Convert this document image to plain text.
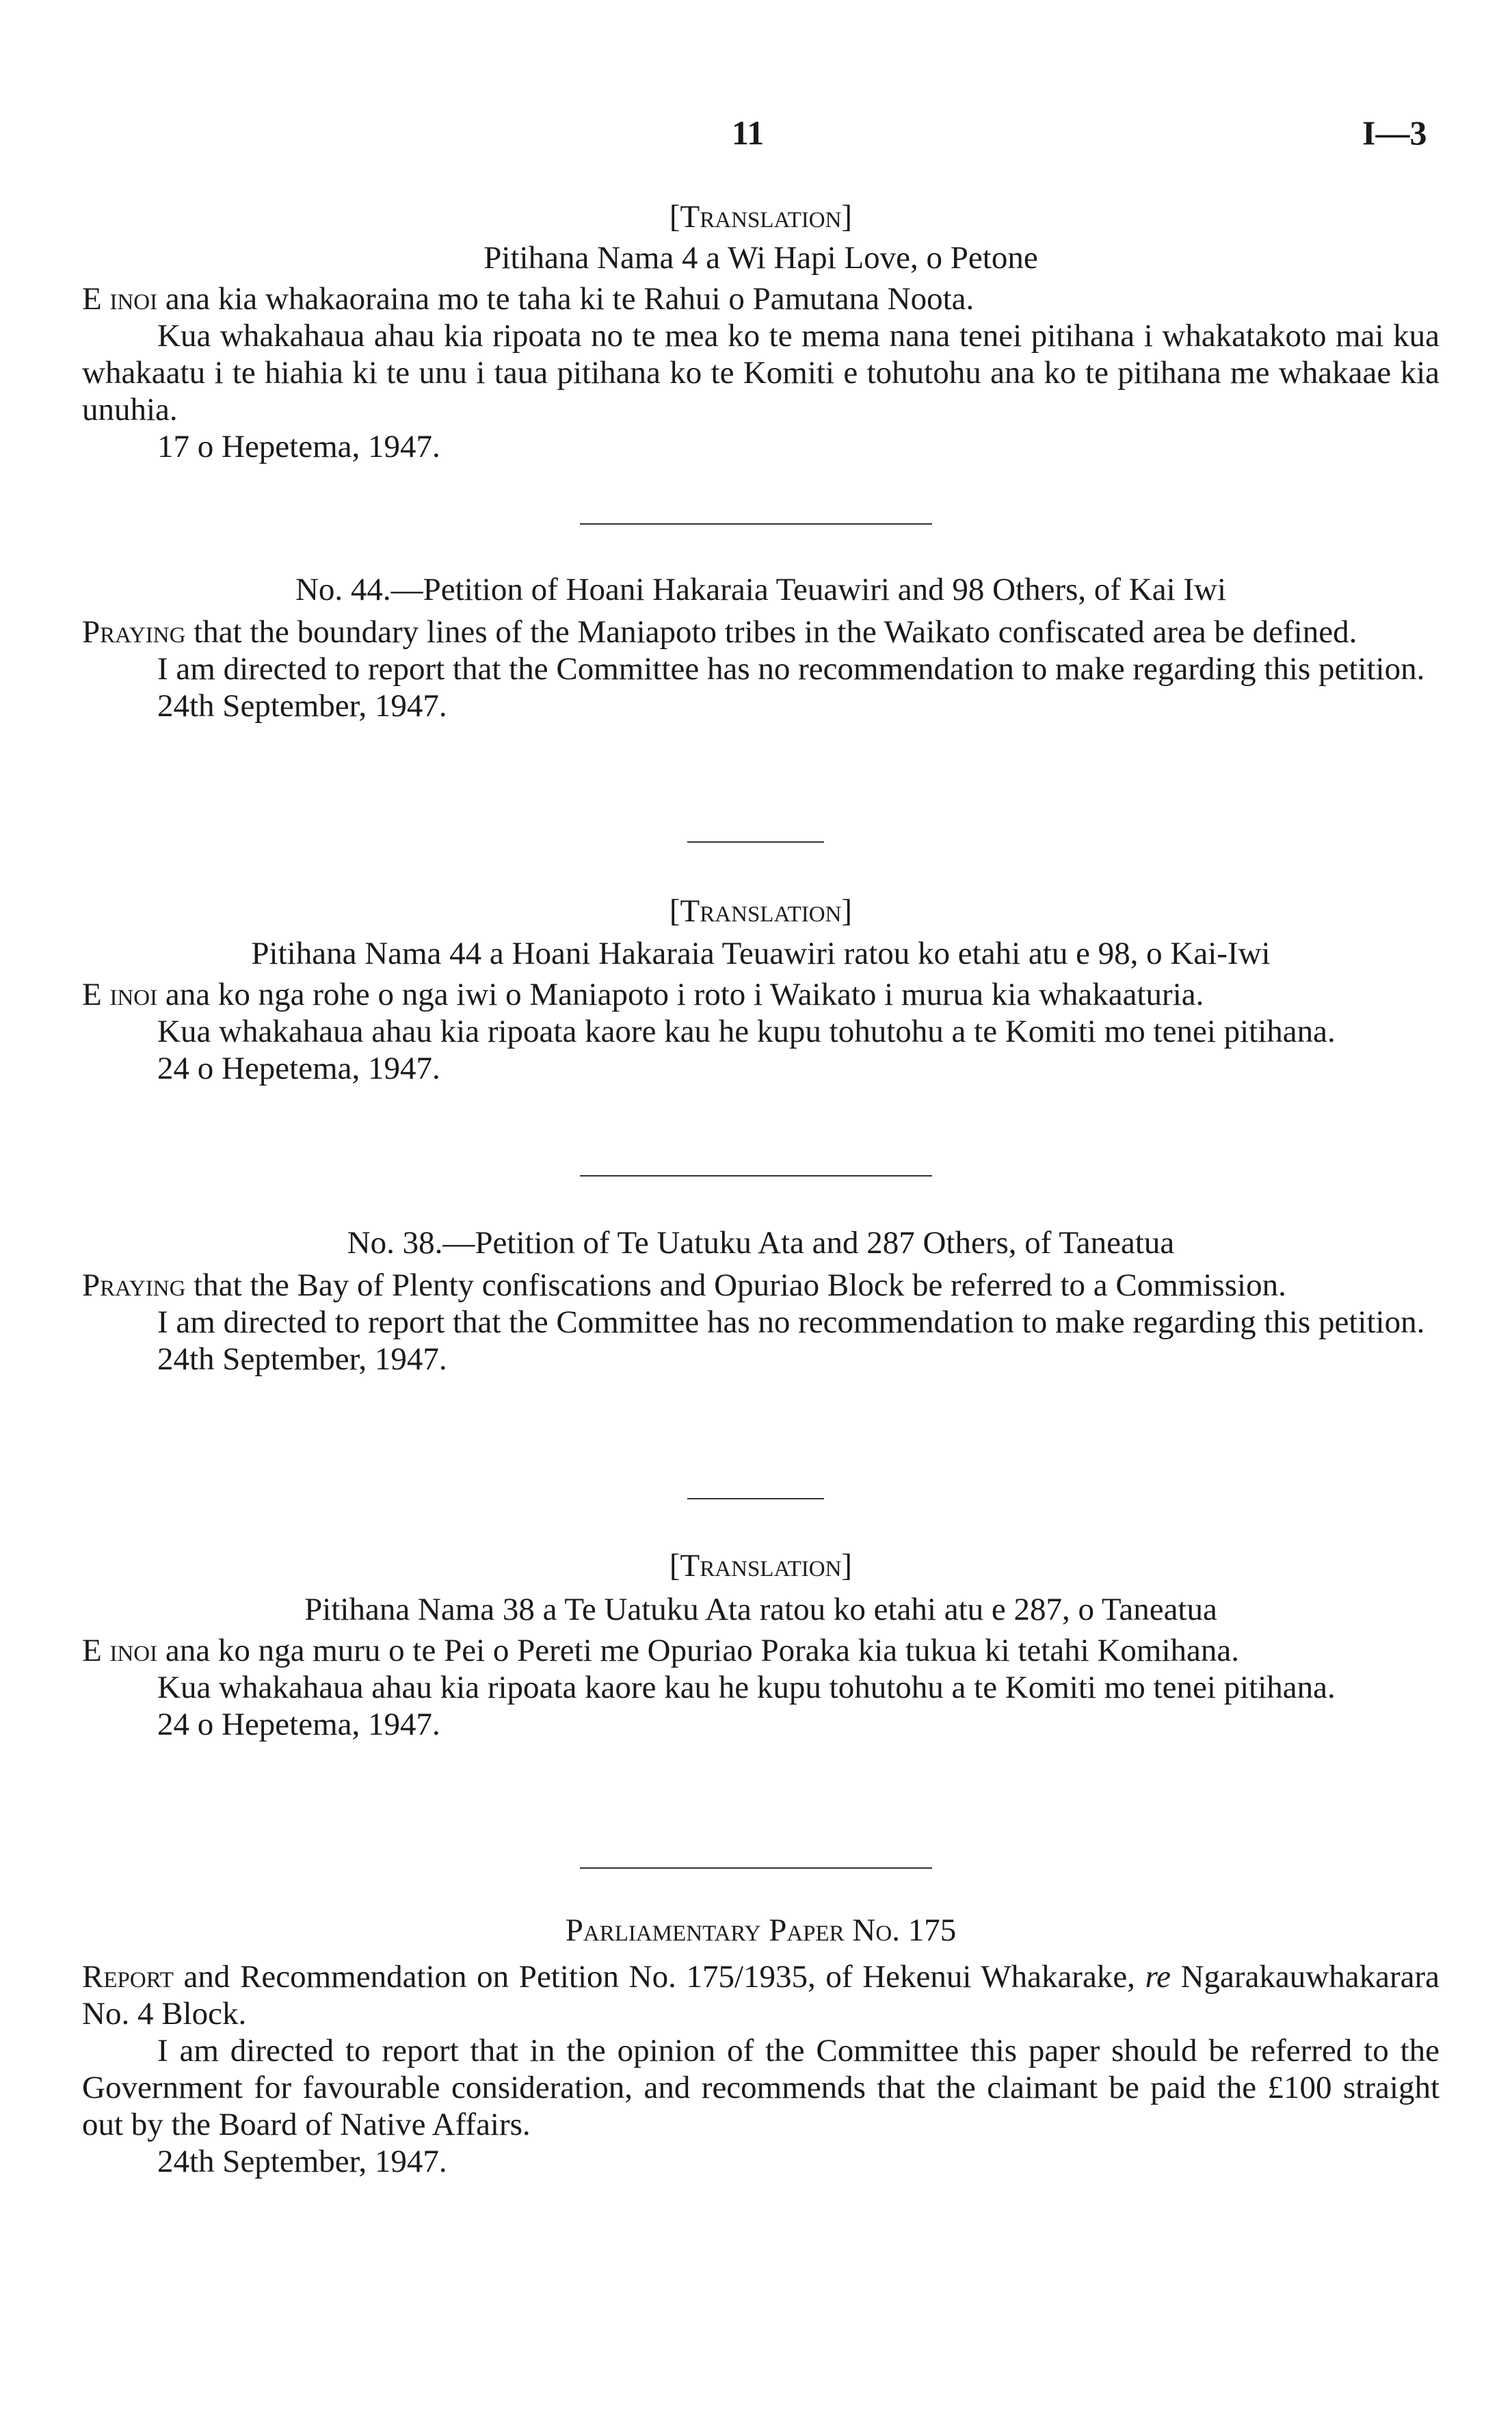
11	I—3

[Translation]

Pitihana Nama 4 a Wi Hapi Love, o Petone

E inoi ana kia whakaoraina mo te taha ki te Rahui o Pamutana Noota.

Kua whakahaua ahau kia ripoata no te mea ko te mema nana tenei pitihana i whakatakoto mai kua whakaatu i te hiahia ki te unu i taua pitihana ko te Komiti e tohutohu ana ko te pitihana me whakaae kia unuhia.

17 o Hepetema, 1947.

No. 44.—Petition of Hoani Hakaraia Teuawiri and 98 Others, of Kai Iwi

Praying that the boundary lines of the Maniapoto tribes in the Waikato confiscated area be defined.

I am directed to report that the Committee has no recommendation to make regarding this petition.

24th September, 1947.

[Translation]

Pitihana Nama 44 a Hoani Hakaraia Teuawiri ratou ko etahi atu e 98, o Kai-Iwi

E inoi ana ko nga rohe o nga iwi o Maniapoto i roto i Waikato i murua kia whakaaturia.

Kua whakahaua ahau kia ripoata kaore kau he kupu tohutohu a te Komiti mo tenei pitihana.

24 o Hepetema, 1947.

No. 38.—Petition of Te Uatuku Ata and 287 Others, of Taneatua

Praying that the Bay of Plenty confiscations and Opuriao Block be referred to a Commission.

I am directed to report that the Committee has no recommendation to make regarding this petition.

24th September, 1947.

[Translation]

Pitihana Nama 38 a Te Uatuku Ata ratou ko etahi atu e 287, o Taneatua

E inoi ana ko nga muru o te Pei o Pereti me Opuriao Poraka kia tukua ki tetahi Komihana.

Kua whakahaua ahau kia ripoata kaore kau he kupu tohutohu a te Komiti mo tenei pitihana.

24 o Hepetema, 1947.

Parliamentary Paper No. 175

Report and Recommendation on Petition No. 175/1935, of Hekenui Whakarake, re Ngarakauwhakarara No. 4 Block.

I am directed to report that in the opinion of the Committee this paper should be referred to the Government for favourable consideration, and recommends that the claimant be paid the £100 straight out by the Board of Native Affairs.

24th September, 1947.
